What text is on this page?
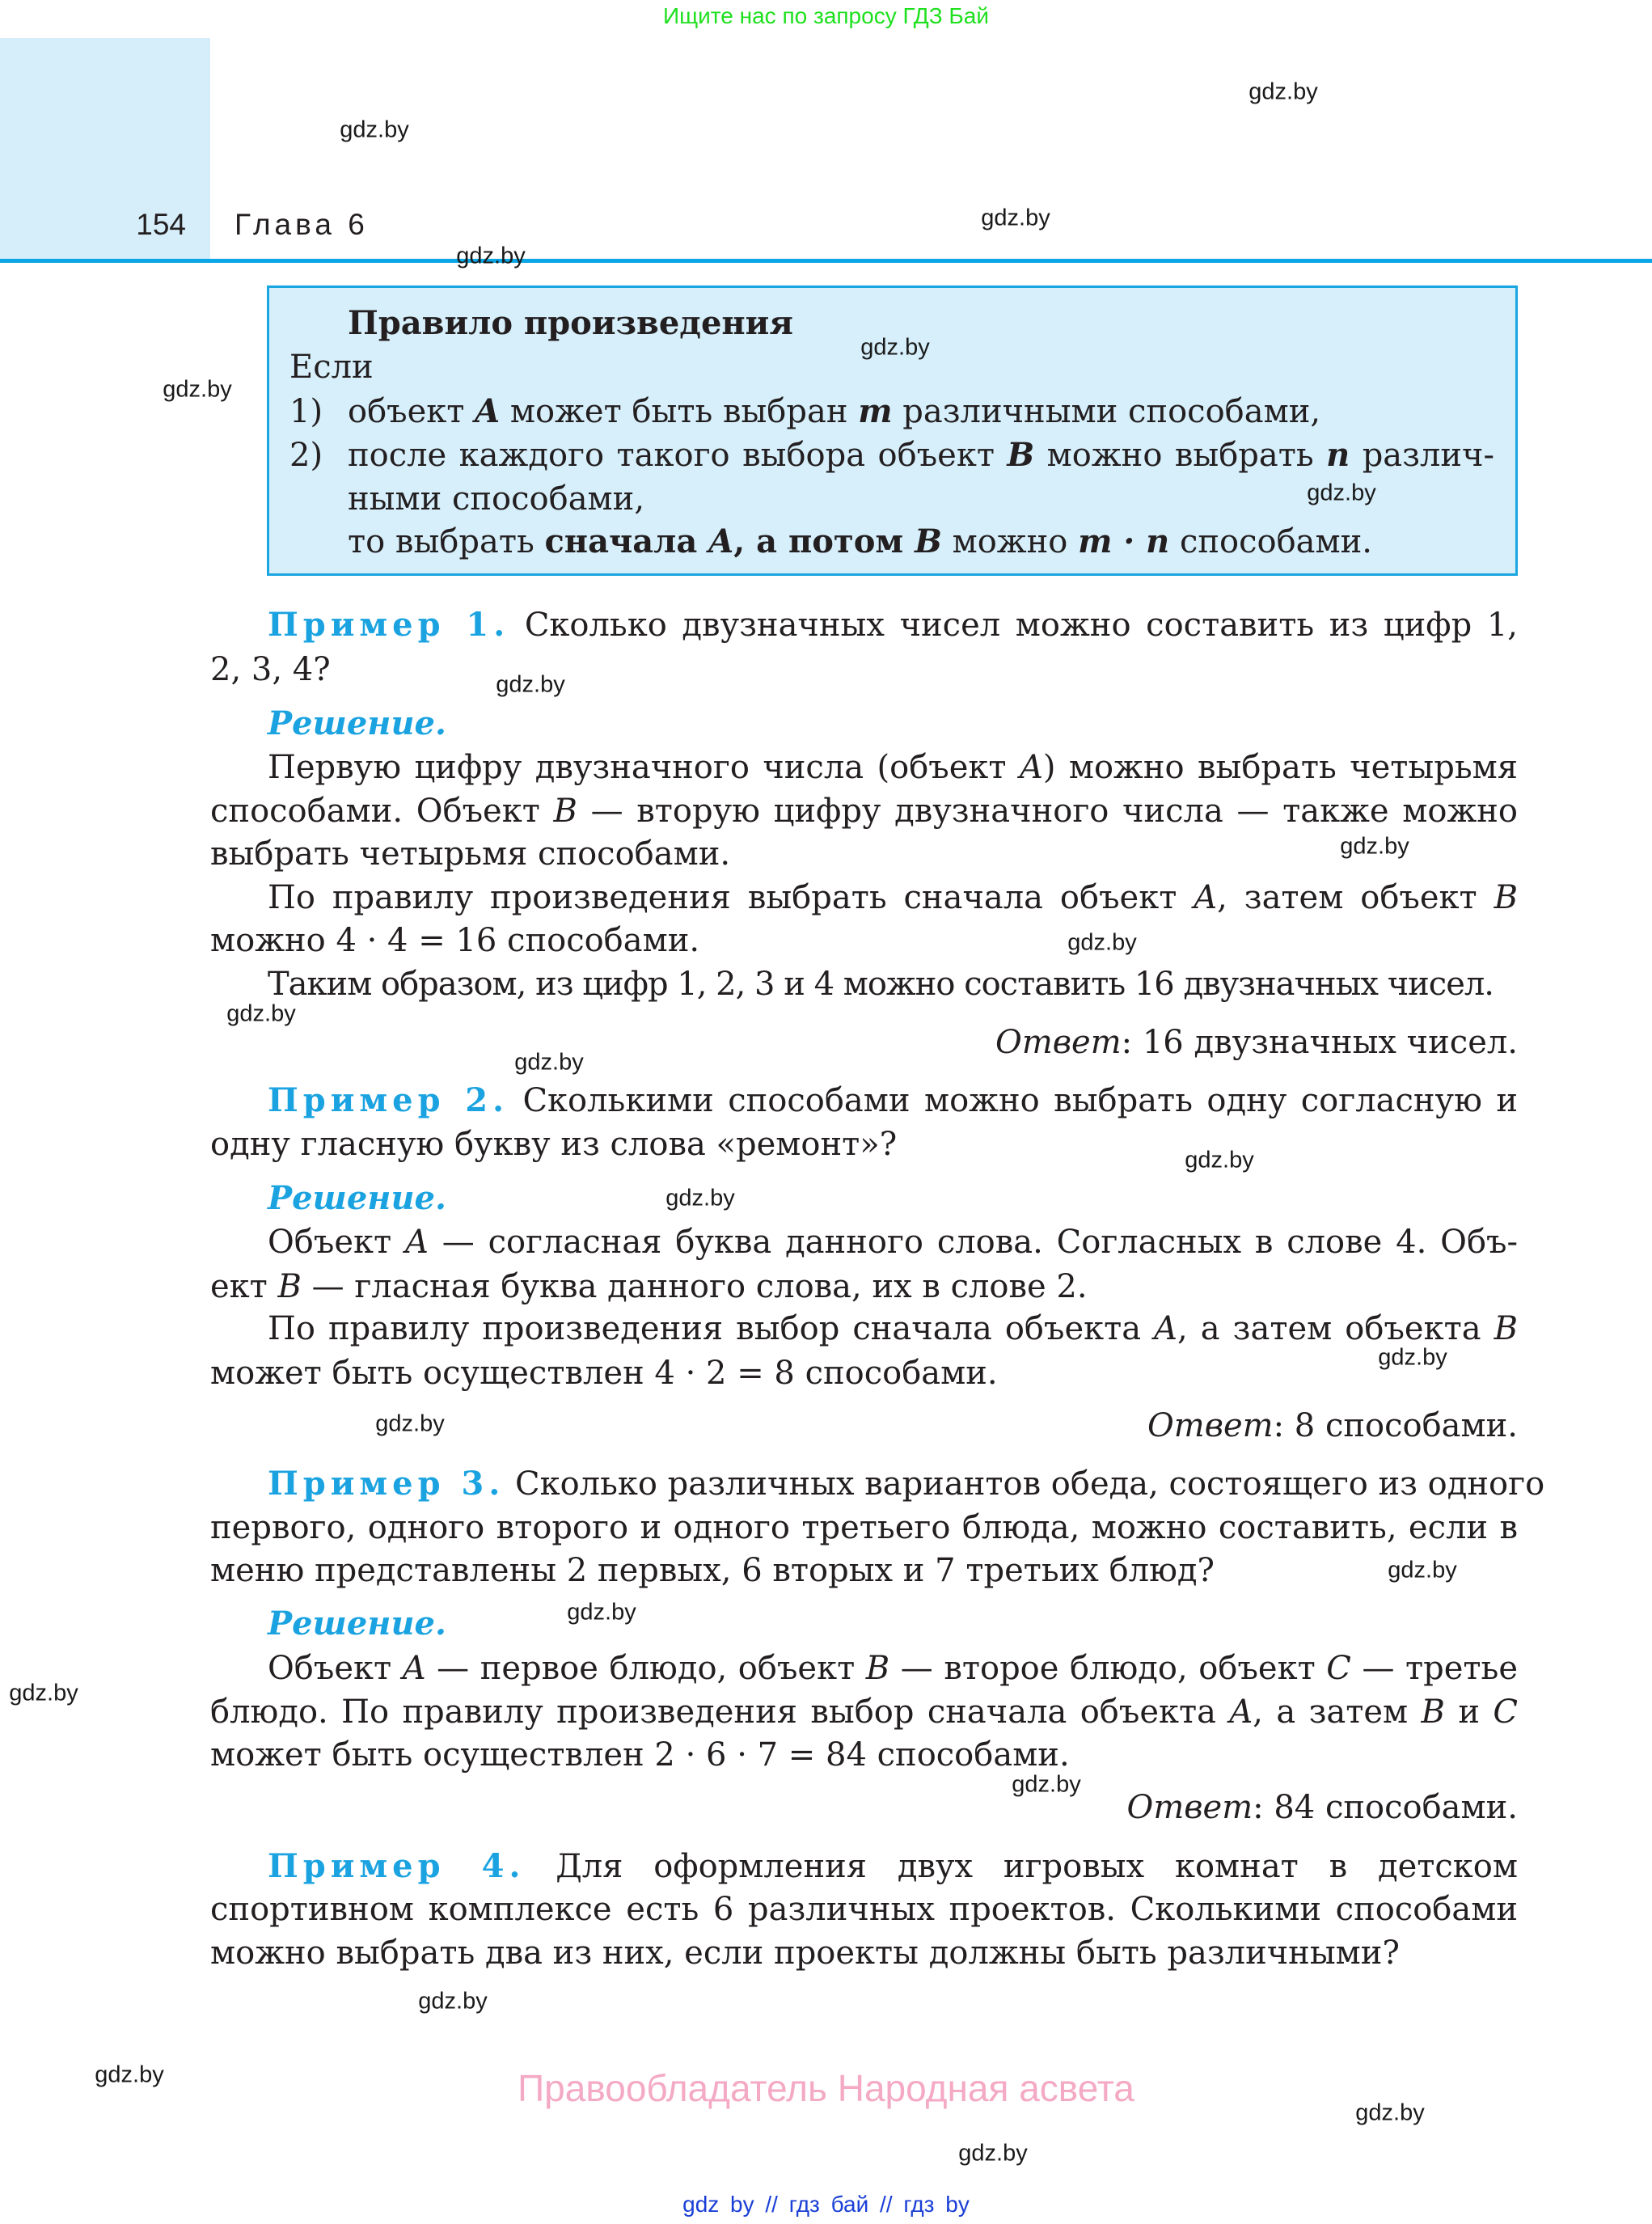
Ищите нас по запросу ГДЗ Бай
154 Глава 6
Правило произведения
Если
1) объект A может быть выбран m различными способами,
2) после каждого такого выбора объект B можно выбрать n различ-
ными способами,
то выбрать сначала A, а потом B можно m · n способами.
Пример 1. Сколько двузначных чисел можно составить из цифр 1,
2, 3, 4?
Решение.
Первую цифру двузначного числа (объект A) можно выбрать четырьмя
способами. Объект B — вторую цифру двузначного числа — также можно
выбрать четырьмя способами.
По правилу произведения выбрать сначала объект A, затем объект B
можно 4 · 4 = 16 способами.
Таким образом, из цифр 1, 2, 3 и 4 можно составить 16 двузначных чисел.
Ответ: 16 двузначных чисел.
Пример 2. Сколькими способами можно выбрать одну согласную и
одну гласную букву из слова «ремонт»?
Решение.
Объект A — согласная буква данного слова. Согласных в слове 4. Объ-
ект B — гласная буква данного слова, их в слове 2.
По правилу произведения выбор сначала объекта A, а затем объекта B
может быть осуществлен 4 · 2 = 8 способами.
Ответ: 8 способами.
Пример 3. Сколько различных вариантов обеда, состоящего из одного
первого, одного второго и одного третьего блюда, можно составить, если в
меню представлены 2 первых, 6 вторых и 7 третьих блюд?
Решение.
Объект A — первое блюдо, объект B — второе блюдо, объект C — третье
блюдо. По правилу произведения выбор сначала объекта A, а затем B и C
может быть осуществлен 2 · 6 · 7 = 84 способами.
Ответ: 84 способами.
Пример 4. Для оформления двух игровых комнат в детском
спортивном комплексе есть 6 различных проектов. Сколькими способами
можно выбрать два из них, если проекты должны быть различными?
gdz.by
gdz.by
gdz.by
gdz.by
gdz.by
gdz.by
gdz.by
gdz.by
gdz.by
gdz.by
gdz.by
gdz.by
gdz.by
gdz.by
gdz.by
gdz.by
gdz.by
gdz.by
gdz.by
gdz.by
gdz.by
gdz.by
gdz.by
gdz.by
Правообладатель Народная асвета
gdz by // гдз бай // гдз by
